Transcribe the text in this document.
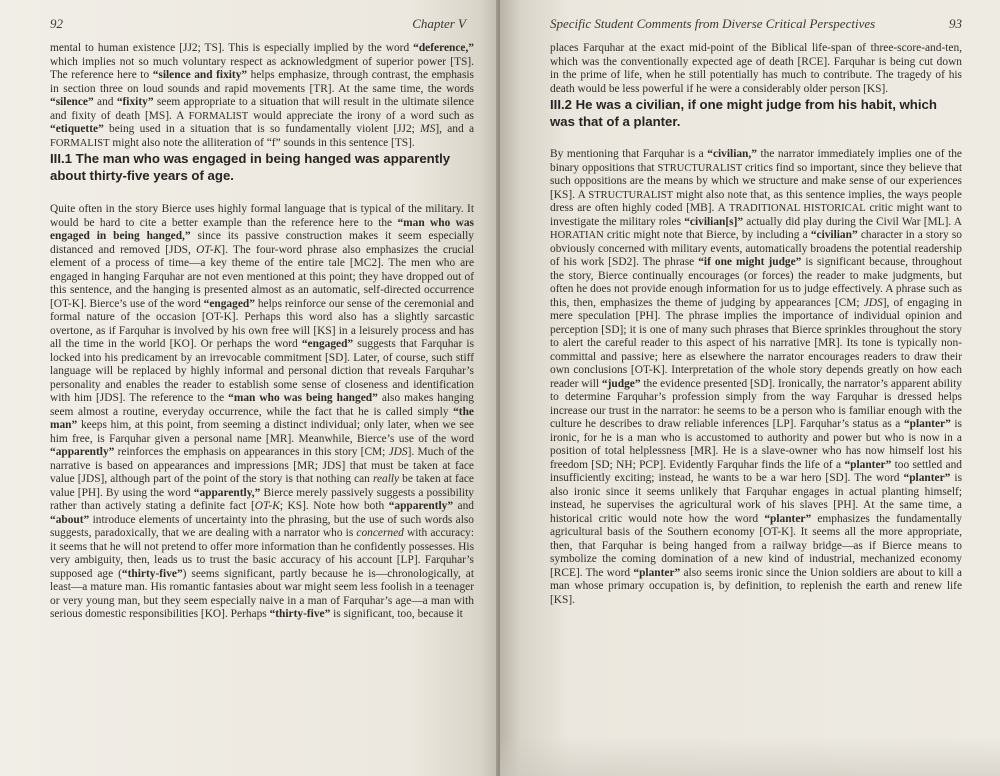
92	Chapter V

mental to human existence [JJ2; TS]. This is especially implied by the word “deference,” which implies not so much voluntary respect as acknowledgment of superior power [TS]. The reference here to “silence and fixity” helps emphasize, through contrast, the emphasis in section three on loud sounds and rapid movements [TR]. At the same time, the words “silence” and “fixity” seem appropriate to a situation that will result in the ultimate silence and fixity of death [MS]. A FORMALIST would appreciate the irony of a word such as “etiquette” being used in a situation that is so fundamentally violent [JJ2; MS], and a FORMALIST might also note the alliteration of “f” sounds in this sentence [TS].

III.1 The man who was engaged in being hanged was apparently about thirty-five years of age.

Quite often in the story Bierce uses highly formal language that is typical of the military. It would be hard to cite a better example than the reference here to the “man who was engaged in being hanged,” since its passive construction makes it seem especially distanced and removed [JDS, OT-K]. The four-word phrase also emphasizes the crucial element of a process of time—a key theme of the entire tale [MC2]. The men who are engaged in hanging Farquhar are not even mentioned at this point; they have dropped out of this sentence, and the hanging is presented almost as an automatic, self-directed occurrence [OT-K]. Bierce’s use of the word “engaged” helps reinforce our sense of the ceremonial and formal nature of the occasion [OT-K]. Perhaps this word also has a slightly sarcastic overtone, as if Farquhar is involved by his own free will [KS] in a leisurely process and has all the time in the world [KO]. Or perhaps the word “engaged” suggests that Farquhar is locked into his predicament by an irrevocable commitment [SD]. Later, of course, such stiff language will be replaced by highly informal and personal diction that reveals Farquhar’s personality and enables the reader to establish some sense of closeness and identification with him [JDS]. The reference to the “man who was being hanged” also makes hanging seem almost a routine, everyday occurrence, while the fact that he is called simply “the man” keeps him, at this point, from seeming a distinct individual; only later, when we see him free, is Farquhar given a personal name [MR]. Meanwhile, Bierce’s use of the word “apparently” reinforces the emphasis on appearances in this story [CM; JDS]. Much of the narrative is based on appearances and impressions [MR; JDS] that must be taken at face value [JDS], although part of the point of the story is that nothing can really be taken at face value [PH]. By using the word “apparently,” Bierce merely passively suggests a possibility rather than actively stating a definite fact [OT-K; KS]. Note how both “apparently” and “about” introduce elements of uncertainty into the phrasing, but the use of such words also suggests, paradoxically, that we are dealing with a narrator who is concerned with accuracy: it seems that he will not pretend to offer more information than he confidently possesses. His very ambiguity, then, leads us to trust the basic accuracy of his account [LP]. Farquhar’s supposed age (“thirty-five”) seems significant, partly because he is—chronologically, at least—a mature man. His romantic fantasies about war might seem less foolish in a teenager or very young man, but they seem especially naive in a man of Farquhar’s age—a man with serious domestic responsibilities [KO]. Perhaps “thirty-five” is significant, too, because it

Specific Student Comments from Diverse Critical Perspectives	93

places Farquhar at the exact mid-point of the Biblical life-span of three-score-and-ten, which was the conventionally expected age of death [RCE]. Farquhar is being cut down in the prime of life, when he still potentially has much to contribute. The tragedy of his death would be less powerful if he were a considerably older person [KS].

III.2 He was a civilian, if one might judge from his habit, which was that of a planter.

By mentioning that Farquhar is a “civilian,” the narrator immediately implies one of the binary oppositions that STRUCTURALIST critics find so important, since they believe that such oppositions are the means by which we structure and make sense of our experiences [KS]. A STRUCTURALIST might also note that, as this sentence implies, the ways people dress are often highly coded [MB]. A TRADITIONAL HISTORICAL critic might want to investigate the military roles “civilian[s]” actually did play during the Civil War [ML]. A HORATIAN critic might note that Bierce, by including a “civilian” character in a story so obviously concerned with military events, automatically broadens the potential readership of his work [SD2]. The phrase “if one might judge” is significant because, throughout the story, Bierce continually encourages (or forces) the reader to make judgments, but often he does not provide enough information for us to judge effectively. A phrase such as this, then, emphasizes the theme of judging by appearances [CM; JDS], of engaging in mere speculation [PH]. The phrase implies the importance of individual opinion and perception [SD]; it is one of many such phrases that Bierce sprinkles throughout the story to alert the careful reader to this aspect of his narrative [MR]. Its tone is typically non-committal and passive; here as elsewhere the narrator encourages readers to draw their own conclusions [OT-K]. Interpretation of the whole story depends greatly on how each reader will “judge” the evidence presented [SD]. Ironically, the narrator’s apparent ability to determine Farquhar’s profession simply from the way Farquhar is dressed helps increase our trust in the narrator: he seems to be a person who is familiar enough with the culture he describes to draw reliable inferences [LP]. Farquhar’s status as a “planter” is ironic, for he is a man who is accustomed to authority and power but who is now in a position of total helplessness [MR]. He is a slave-owner who has now himself lost his freedom [SD; NH; PCP]. Evidently Farquhar finds the life of a “planter” too settled and insufficiently exciting; instead, he wants to be a war hero [SD]. The word “planter” is also ironic since it seems unlikely that Farquhar engages in actual planting himself; instead, he supervises the agricultural work of his slaves [PH]. At the same time, a historical critic would note how the word “planter” emphasizes the fundamentally agricultural basis of the Southern economy [OT-K]. It seems all the more appropriate, then, that Farquhar is being hanged from a railway bridge—as if Bierce means to symbolize the coming domination of a new kind of industrial, mechanized economy [RCE]. The word “planter” also seems ironic since the Union soldiers are about to kill a man whose primary occupation is, by definition, to replenish the earth and renew life [KS].
